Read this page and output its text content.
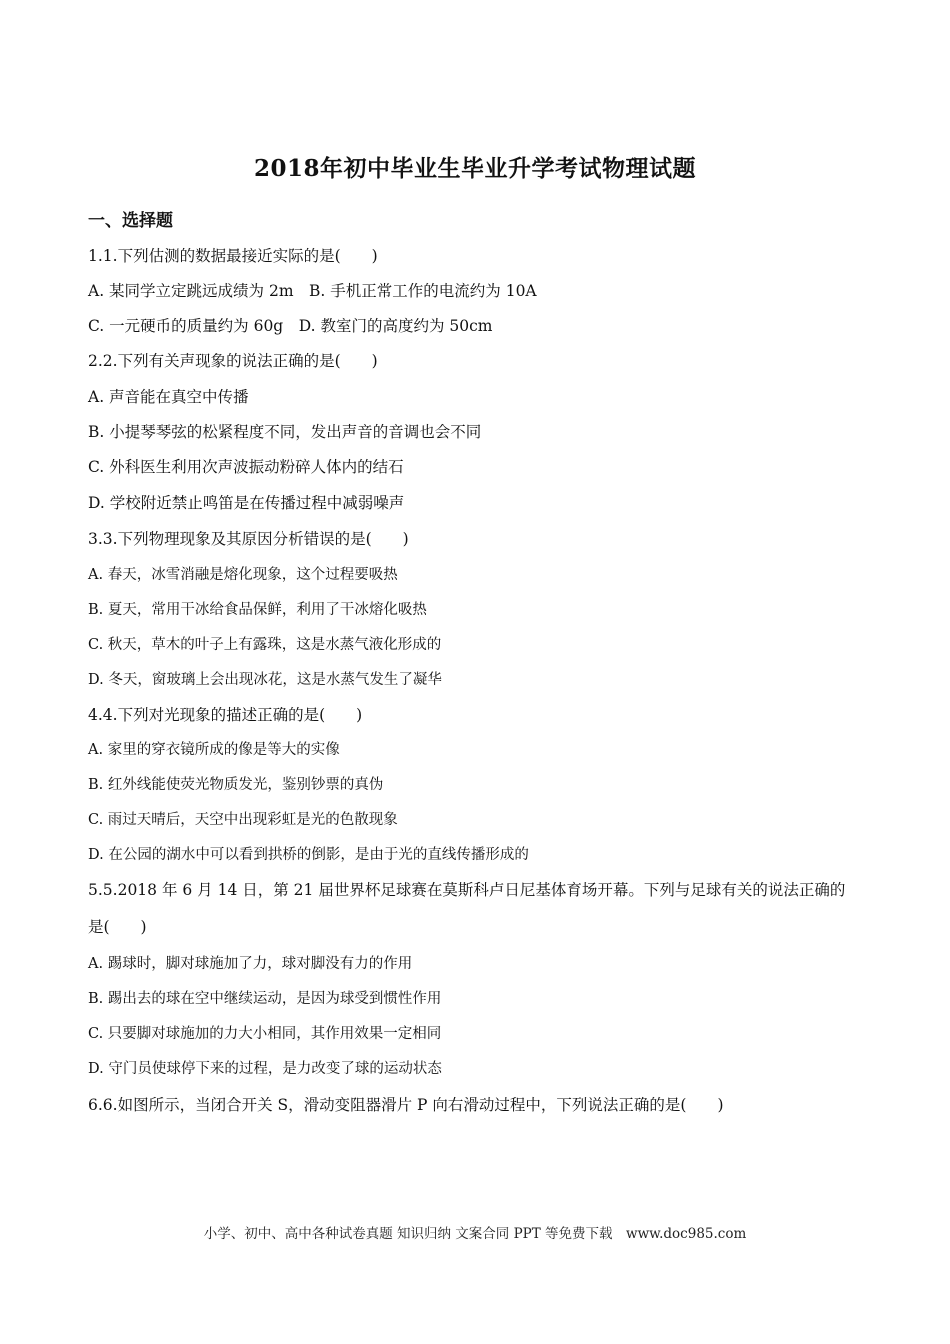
2018年初中毕业生毕业升学考试物理试题
一、选择题
1.1.下列估测的数据最接近实际的是(　　)
A. 某同学立定跳远成绩为 2m　B. 手机正常工作的电流约为 10A
C. 一元硬币的质量约为 60g　D. 教室门的高度约为 50cm
2.2.下列有关声现象的说法正确的是(　　)
A. 声音能在真空中传播
B. 小提琴琴弦的松紧程度不同，发出声音的音调也会不同
C. 外科医生利用次声波振动粉碎人体内的结石
D. 学校附近禁止鸣笛是在传播过程中减弱噪声
3.3.下列物理现象及其原因分析错误的是(　　)
A. 春天，冰雪消融是熔化现象，这个过程要吸热
B. 夏天，常用干冰给食品保鲜，利用了干冰熔化吸热
C. 秋天，草木的叶子上有露珠，这是水蒸气液化形成的
D. 冬天，窗玻璃上会出现冰花，这是水蒸气发生了凝华
4.4.下列对光现象的描述正确的是(　　)
A. 家里的穿衣镜所成的像是等大的实像
B. 红外线能使荧光物质发光，鉴别钞票的真伪
C. 雨过天晴后，天空中出现彩虹是光的色散现象
D. 在公园的湖水中可以看到拱桥的倒影，是由于光的直线传播形成的
5.5.2018 年 6 月 14 日，第 21 届世界杯足球赛在莫斯科卢日尼基体育场开幕。下列与足球有关的说法正确的
是(　　)
A. 踢球时，脚对球施加了力，球对脚没有力的作用
B. 踢出去的球在空中继续运动，是因为球受到惯性作用
C. 只要脚对球施加的力大小相同，其作用效果一定相同
D. 守门员使球停下来的过程，是力改变了球的运动状态
6.6.如图所示，当闭合开关 S，滑动变阻器滑片 P 向右滑动过程中，下列说法正确的是(　　)
小学、初中、高中各种试卷真题 知识归纳 文案合同 PPT 等免费下载　www.doc985.com
